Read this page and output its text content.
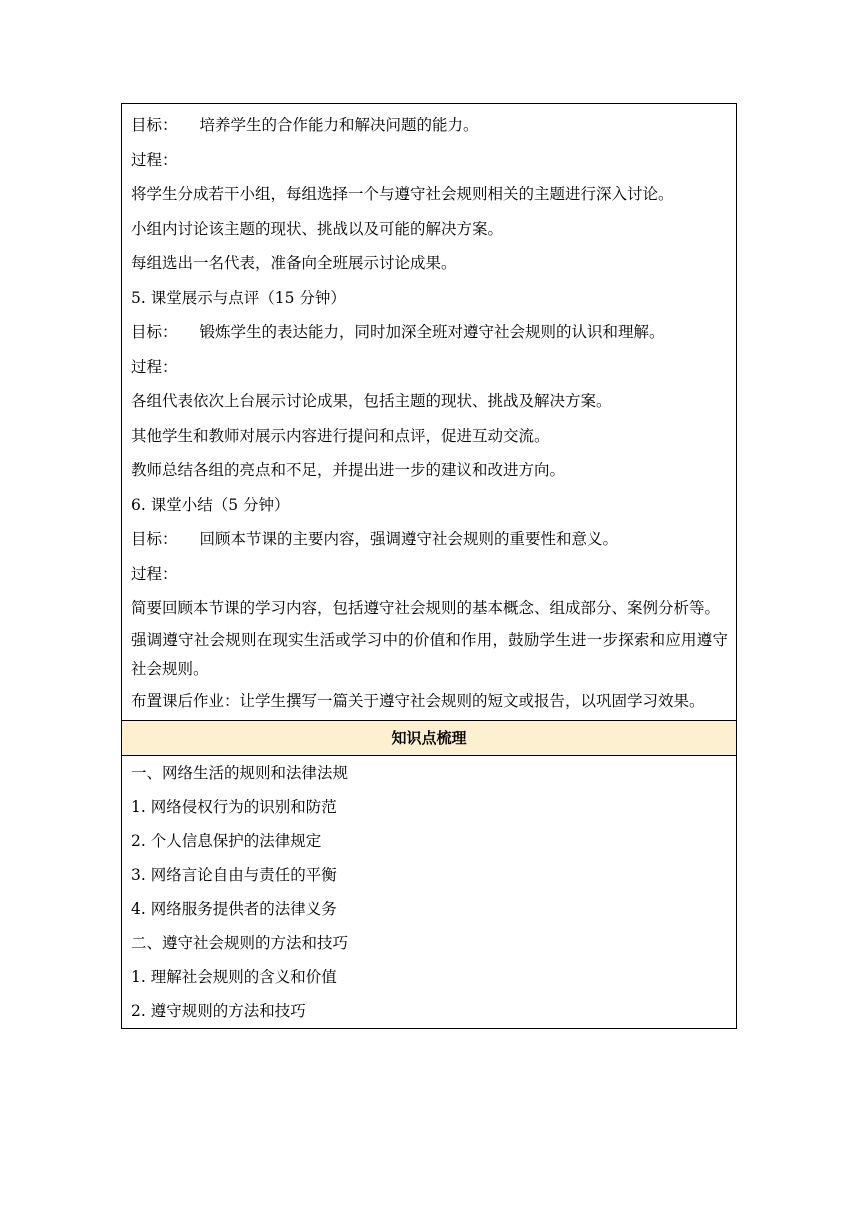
目标： 培养学生的合作能力和解决问题的能力。

过程：

将学生分成若干小组，每组选择一个与遵守社会规则相关的主题进行深入讨论。

小组内讨论该主题的现状、挑战以及可能的解决方案。

每组选出一名代表，准备向全班展示讨论成果。

5. 课堂展示与点评（15 分钟）

目标： 锻炼学生的表达能力，同时加深全班对遵守社会规则的认识和理解。

过程：

各组代表依次上台展示讨论成果，包括主题的现状、挑战及解决方案。

其他学生和教师对展示内容进行提问和点评，促进互动交流。

教师总结各组的亮点和不足，并提出进一步的建议和改进方向。

6. 课堂小结（5 分钟）

目标： 回顾本节课的主要内容，强调遵守社会规则的重要性和意义。

过程：

简要回顾本节课的学习内容，包括遵守社会规则的基本概念、组成部分、案例分析等。

强调遵守社会规则在现实生活或学习中的价值和作用，鼓励学生进一步探索和应用遵守社会规则。

布置课后作业：让学生撰写一篇关于遵守社会规则的短文或报告，以巩固学习效果。

知识点梳理

一、网络生活的规则和法律法规

1. 网络侵权行为的识别和防范

2. 个人信息保护的法律规定

3. 网络言论自由与责任的平衡

4. 网络服务提供者的法律义务

二、遵守社会规则的方法和技巧

1. 理解社会规则的含义和价值

2. 遵守规则的方法和技巧
